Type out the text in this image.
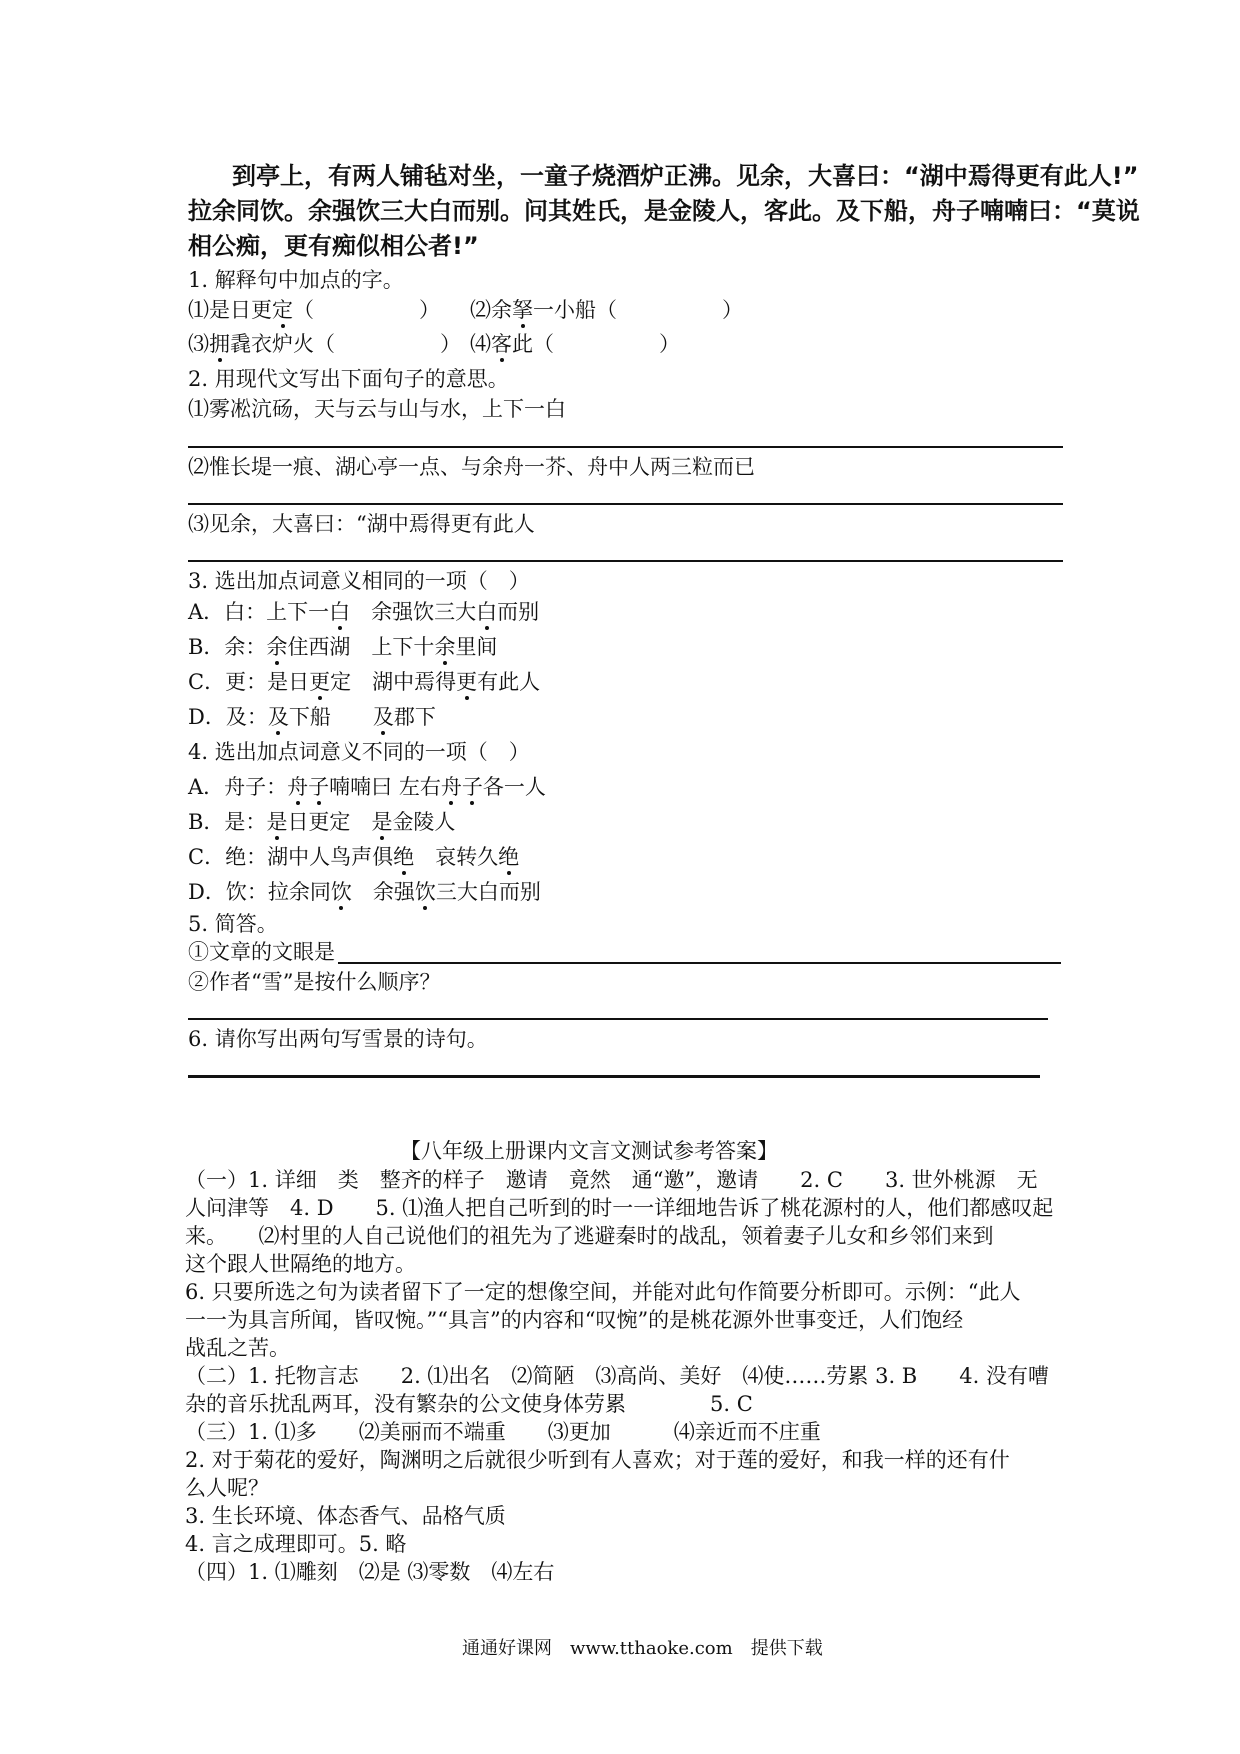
到亭上，有两人铺毡对坐，一童子烧酒炉正沸。见余，大喜曰：“湖中焉得更有此人!”
拉余同饮。余强饮三大白而别。问其姓氏，是金陵人，客此。及下船，舟子喃喃曰：“莫说
相公痴，更有痴似相公者!”
1. 解释句中加点的字。
⑴是日更定（　　　　　） ⑵余拏一小船（　　　　　）
⑶拥毳衣炉火（　　　　　） ⑷客此（　　　　　）
2. 用现代文写出下面句子的意思。
⑴雾凇沆砀，天与云与山与水，上下一白
⑵惟长堤一痕、湖心亭一点、与余舟一芥、舟中人两三粒而已
⑶见余，大喜曰：“湖中焉得更有此人
3. 选出加点词意义相同的一项（　）
A．白：上下一白　余强饮三大白而别
B．余：余住西湖　上下十余里间
C．更：是日更定　湖中焉得更有此人
D．及：及下船　　及郡下
4. 选出加点词意义不同的一项（　）
A．舟子：舟子喃喃曰 左右舟子各一人
B．是：是日更定　是金陵人
C．绝：湖中人鸟声俱绝　哀转久绝
D．饮：拉余同饮　余强饮三大白而别
5. 简答。
①文章的文眼是
②作者“雪”是按什么顺序？
6. 请你写出两句写雪景的诗句。
【八年级上册课内文言文测试参考答案】
（一）1. 详细　类　整齐的样子　邀请　竟然　通“邀”，邀请　　2. C　　3. 世外桃源　无
人问津等　4. D　　5. ⑴渔人把自己听到的时一一详细地告诉了桃花源村的人，他们都感叹起
来。　　⑵村里的人自己说他们的祖先为了逃避秦时的战乱，领着妻子儿女和乡邻们来到
这个跟人世隔绝的地方。
6. 只要所选之句为读者留下了一定的想像空间，并能对此句作简要分析即可。示例：“此人
一一为具言所闻，皆叹惋。”“具言”的内容和“叹惋”的是桃花源外世事变迁，人们饱经
战乱之苦。
（二）1. 托物言志　　2. ⑴出名　⑵简陋　⑶高尚、美好　⑷使……劳累 3. B　　4. 没有嘈
杂的音乐扰乱两耳，没有繁杂的公文使身体劳累　　　　5. C
（三）1. ⑴多　　⑵美丽而不端重　　⑶更加　　　⑷亲近而不庄重
2. 对于菊花的爱好，陶渊明之后就很少听到有人喜欢；对于莲的爱好，和我一样的还有什
么人呢？
3. 生长环境、体态香气、品格气质
4. 言之成理即可。5. 略
（四）1. ⑴雕刻　⑵是 ⑶零数　⑷左右
通通好课网　www.tthaoke.com　提供下载
